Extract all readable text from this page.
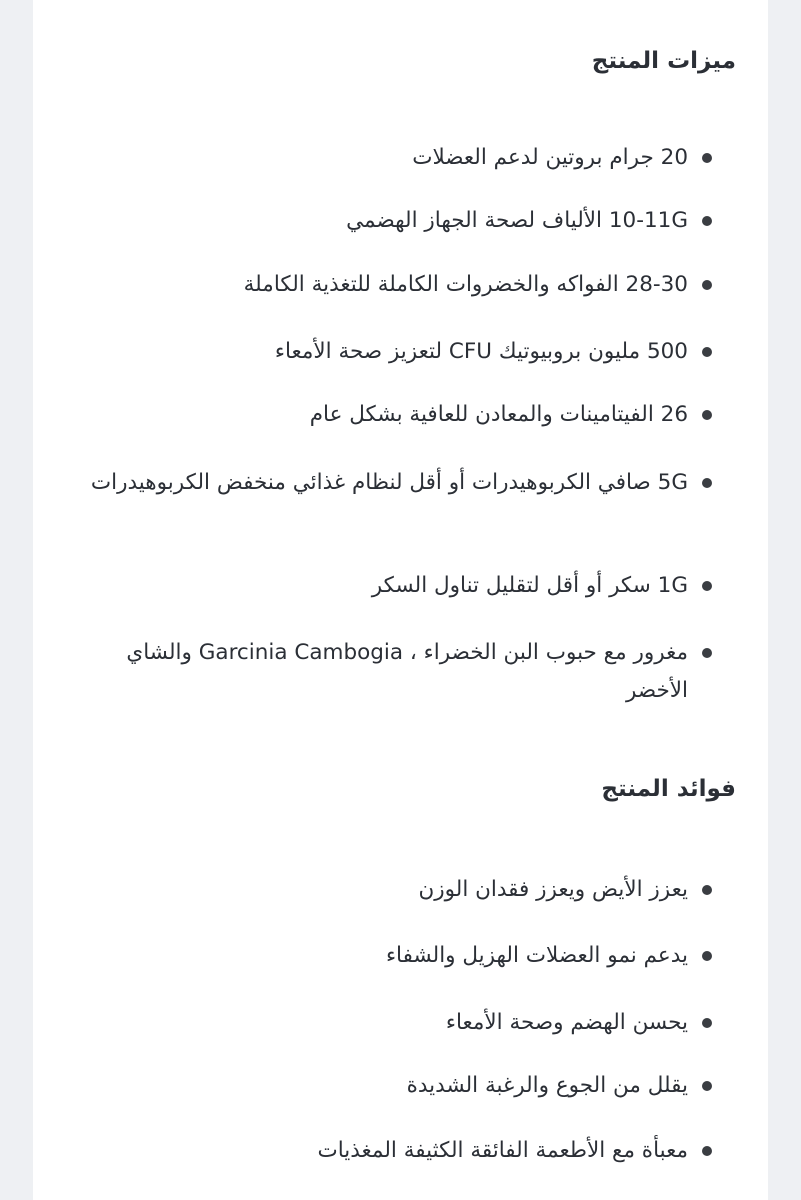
ميزات المنتج
20 جرام بروتين لدعم العضلات
10-11G الألياف لصحة الجهاز الهضمي
28-30 الفواكه والخضروات الكاملة للتغذية الكاملة
500 مليون بروبيوتيك CFU لتعزيز صحة الأمعاء
26 الفيتامينات والمعادن للعافية بشكل عام
5G صافي الكربوهيدرات أو أقل لنظام غذائي منخفض الكربوهيدرات
1G سكر أو أقل لتقليل تناول السكر
مغرور مع حبوب البن الخضراء ، Garcinia Cambogia والشاي الأخضر
فوائد المنتج
يعزز الأيض ويعزز فقدان الوزن
يدعم نمو العضلات الهزيل والشفاء
يحسن الهضم وصحة الأمعاء
يقلل من الجوع والرغبة الشديدة
معبأة مع الأطعمة الفائقة الكثيفة المغذيات
